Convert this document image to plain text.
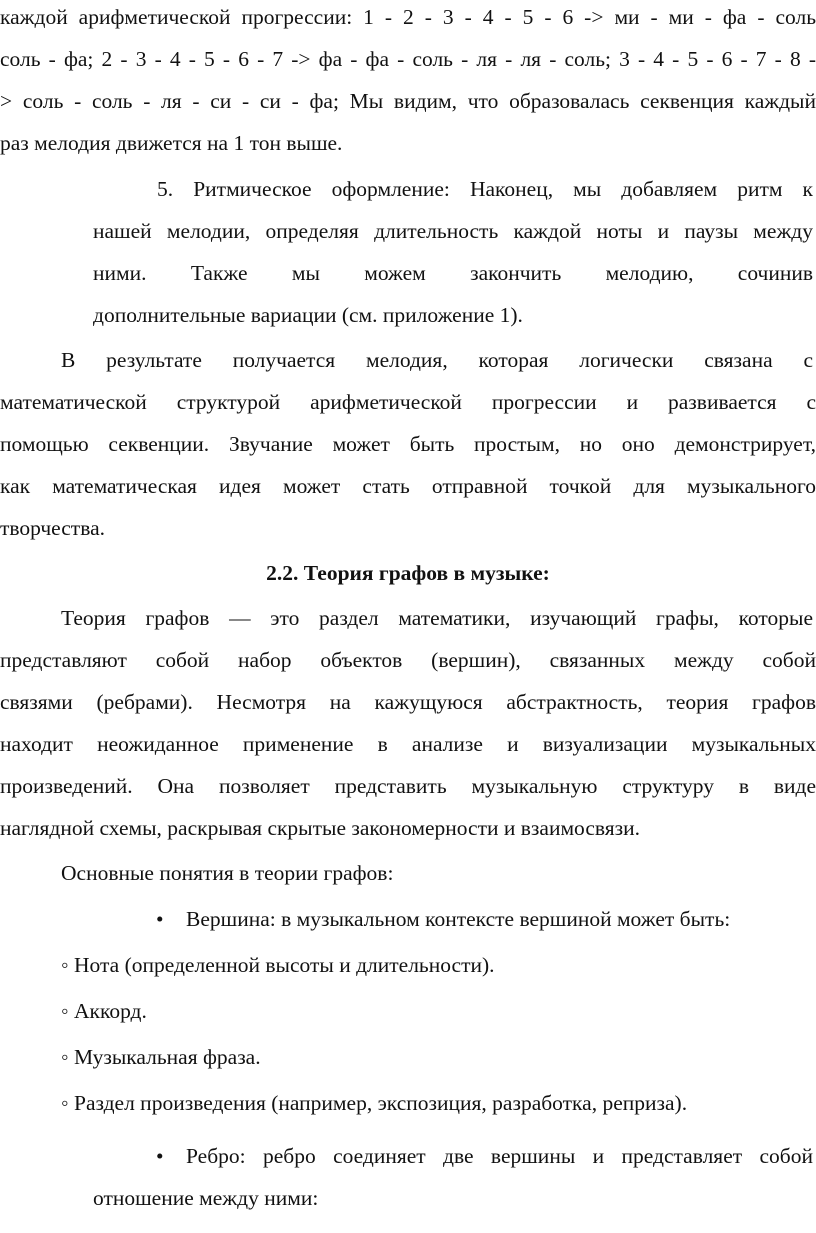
каждой арифметической прогрессии: 1 - 2 - 3 - 4 - 5 - 6 -> ми - ми - фа - соль
соль - фа; 2 - 3 - 4 - 5 - 6 - 7 -> фа - фа - соль - ля - ля - соль; 3 - 4 - 5 - 6 - 7 - 8 -
> соль - соль - ля - си - си - фа; Мы видим, что образовалась секвенция каждый
раз мелодия движется на 1 тон выше.
5. Ритмическое оформление: Наконец, мы добавляем ритм к
нашей мелодии, определяя длительность каждой ноты и паузы между
ними. Также мы можем закончить мелодию, сочинив
дополнительные вариации (см. приложение 1).
В результате получается мелодия, которая логически связана с
математической структурой арифметической прогрессии и развивается с
помощью секвенции. Звучание может быть простым, но оно демонстрирует,
как математическая идея может стать отправной точкой для музыкального
творчества.
2.2. Теория графов в музыке:
Теория графов — это раздел математики, изучающий графы, которые
представляют собой набор объектов (вершин), связанных между собой
связями (ребрами). Несмотря на кажущуюся абстрактность, теория графов
находит неожиданное применение в анализе и визуализации музыкальных
произведений. Она позволяет представить музыкальную структуру в виде
наглядной схемы, раскрывая скрытые закономерности и взаимосвязи.
Основные понятия в теории графов:
• Вершина: в музыкальном контексте вершиной может быть:
◦ Нота (определенной высоты и длительности).
◦ Аккорд.
◦ Музыкальная фраза.
◦ Раздел произведения (например, экспозиция, разработка, реприза).
• Ребро: ребро соединяет две вершины и представляет собой
отношение между ними:
